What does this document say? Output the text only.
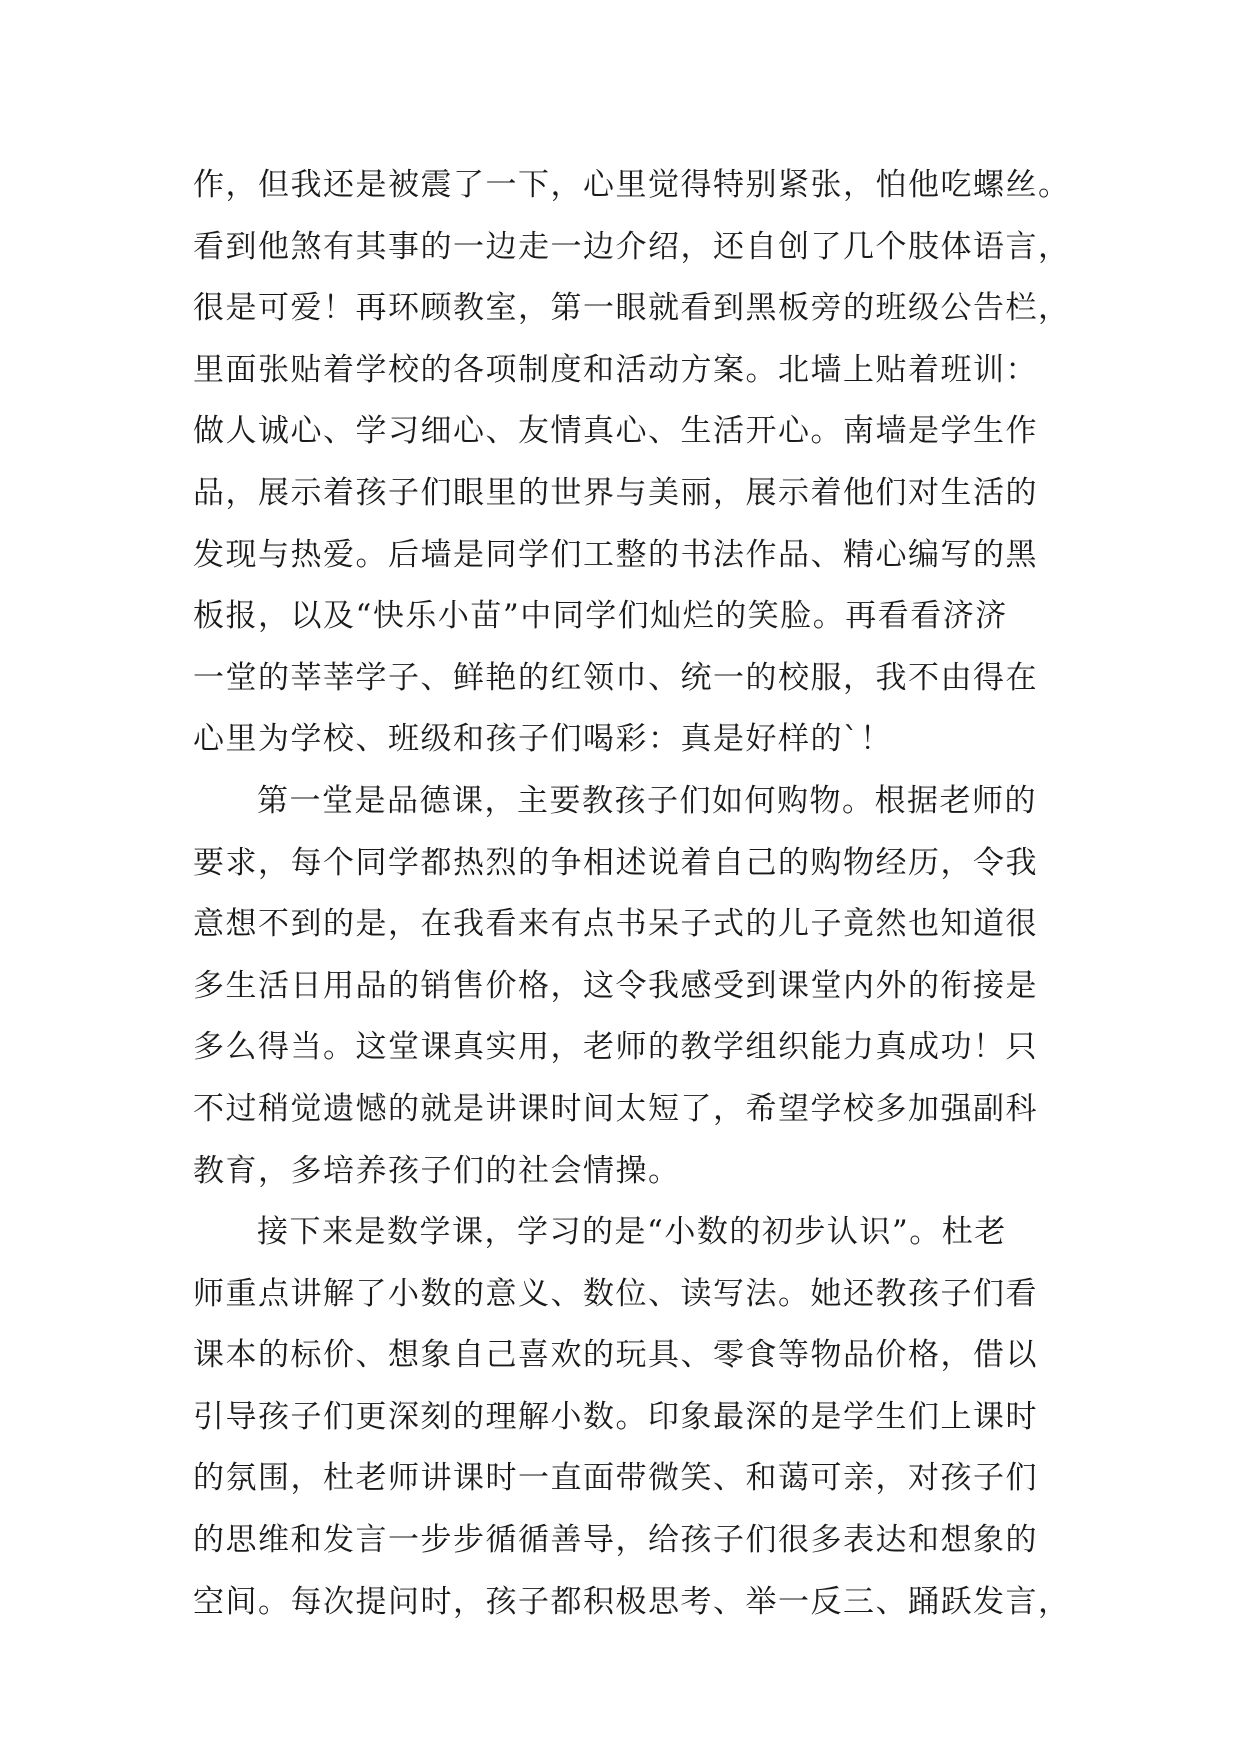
作，但我还是被震了一下，心里觉得特别紧张，怕他吃螺丝。
看到他煞有其事的一边走一边介绍，还自创了几个肢体语言，
很是可爱！再环顾教室，第一眼就看到黑板旁的班级公告栏，
里面张贴着学校的各项制度和活动方案。北墙上贴着班训：
做人诚心、学习细心、友情真心、生活开心。南墙是学生作
品，展示着孩子们眼里的世界与美丽，展示着他们对生活的
发现与热爱。后墙是同学们工整的书法作品、精心编写的黑
板报，以及“快乐小苗”中同学们灿烂的笑脸。再看看济济
一堂的莘莘学子、鲜艳的红领巾、统一的校服，我不由得在
心里为学校、班级和孩子们喝彩：真是好样的`！
第一堂是品德课，主要教孩子们如何购物。根据老师的
要求，每个同学都热烈的争相述说着自己的购物经历，令我
意想不到的是，在我看来有点书呆子式的儿子竟然也知道很
多生活日用品的销售价格，这令我感受到课堂内外的衔接是
多么得当。这堂课真实用，老师的教学组织能力真成功！只
不过稍觉遗憾的就是讲课时间太短了，希望学校多加强副科
教育，多培养孩子们的社会情操。
接下来是数学课，学习的是“小数的初步认识”。杜老
师重点讲解了小数的意义、数位、读写法。她还教孩子们看
课本的标价、想象自己喜欢的玩具、零食等物品价格，借以
引导孩子们更深刻的理解小数。印象最深的是学生们上课时
的氛围，杜老师讲课时一直面带微笑、和蔼可亲，对孩子们
的思维和发言一步步循循善导，给孩子们很多表达和想象的
空间。每次提问时，孩子都积极思考、举一反三、踊跃发言，
